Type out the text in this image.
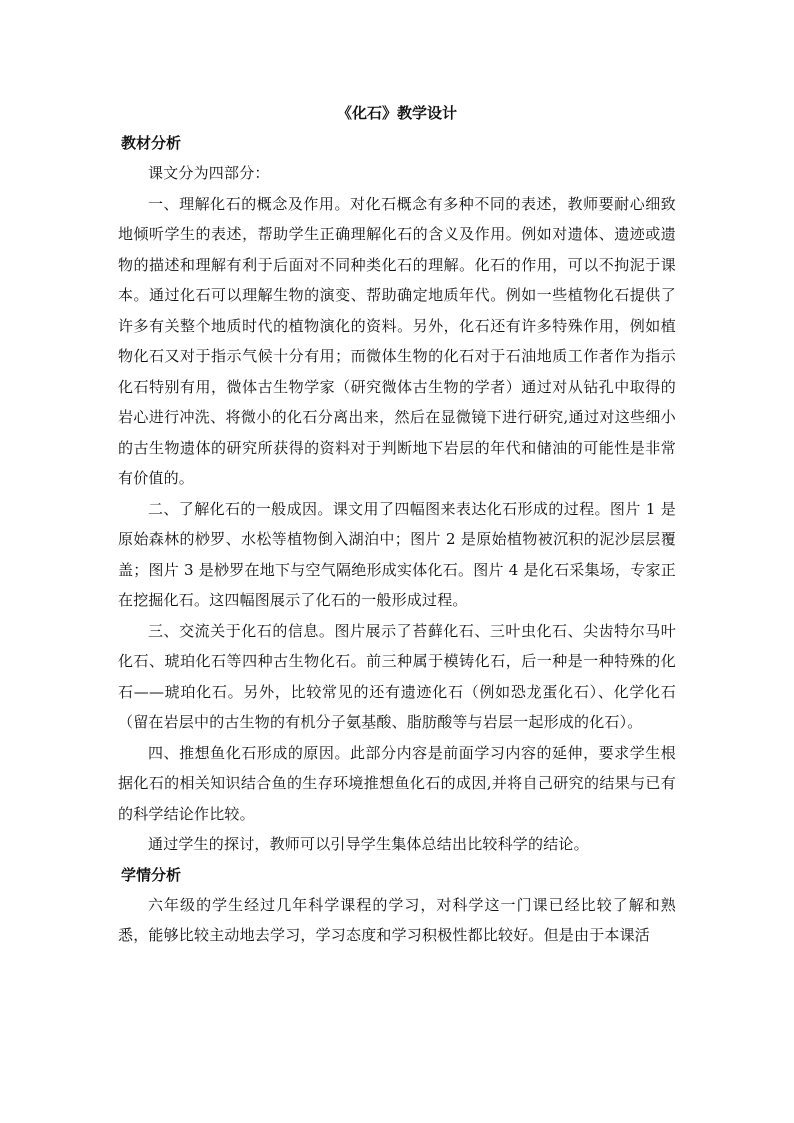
《化石》教学设计
教材分析

课文分为四部分：

一、理解化石的概念及作用。对化石概念有多种不同的表述，教师要耐心细致地倾听学生的表述，帮助学生正确理解化石的含义及作用。例如对遗体、遗迹或遗物的描述和理解有利于后面对不同种类化石的理解。化石的作用，可以不拘泥于课本。通过化石可以理解生物的演变、帮助确定地质年代。例如一些植物化石提供了许多有关整个地质时代的植物演化的资料。另外，化石还有许多特殊作用，例如植物化石又对于指示气候十分有用；而微体生物的化石对于石油地质工作者作为指示化石特别有用，微体古生物学家（研究微体古生物的学者）通过对从钻孔中取得的岩心进行冲洗、将微小的化石分离出来，然后在显微镜下进行研究,通过对这些细小的古生物遗体的研究所获得的资料对于判断地下岩层的年代和储油的可能性是非常有价值的。

二、了解化石的一般成因。课文用了四幅图来表达化石形成的过程。图片 1 是原始森林的桫罗、水松等植物倒入湖泊中；图片 2 是原始植物被沉积的泥沙层层覆盖；图片 3 是桫罗在地下与空气隔绝形成实体化石。图片 4 是化石采集场，专家正在挖掘化石。这四幅图展示了化石的一般形成过程。

三、交流关于化石的信息。图片展示了苔藓化石、三叶虫化石、尖齿特尔马叶化石、琥珀化石等四种古生物化石。前三种属于模铸化石，后一种是一种特殊的化石——琥珀化石。另外，比较常见的还有遗迹化石（例如恐龙蛋化石）、化学化石（留在岩层中的古生物的有机分子氨基酸、脂肪酸等与岩层一起形成的化石）。

四、推想鱼化石形成的原因。此部分内容是前面学习内容的延伸，要求学生根据化石的相关知识结合鱼的生存环境推想鱼化石的成因,并将自己研究的结果与已有的科学结论作比较。

通过学生的探讨，教师可以引导学生集体总结出比较科学的结论。

学情分析

六年级的学生经过几年科学课程的学习，对科学这一门课已经比较了解和熟悉，能够比较主动地去学习，学习态度和学习积极性都比较好。但是由于本课活
